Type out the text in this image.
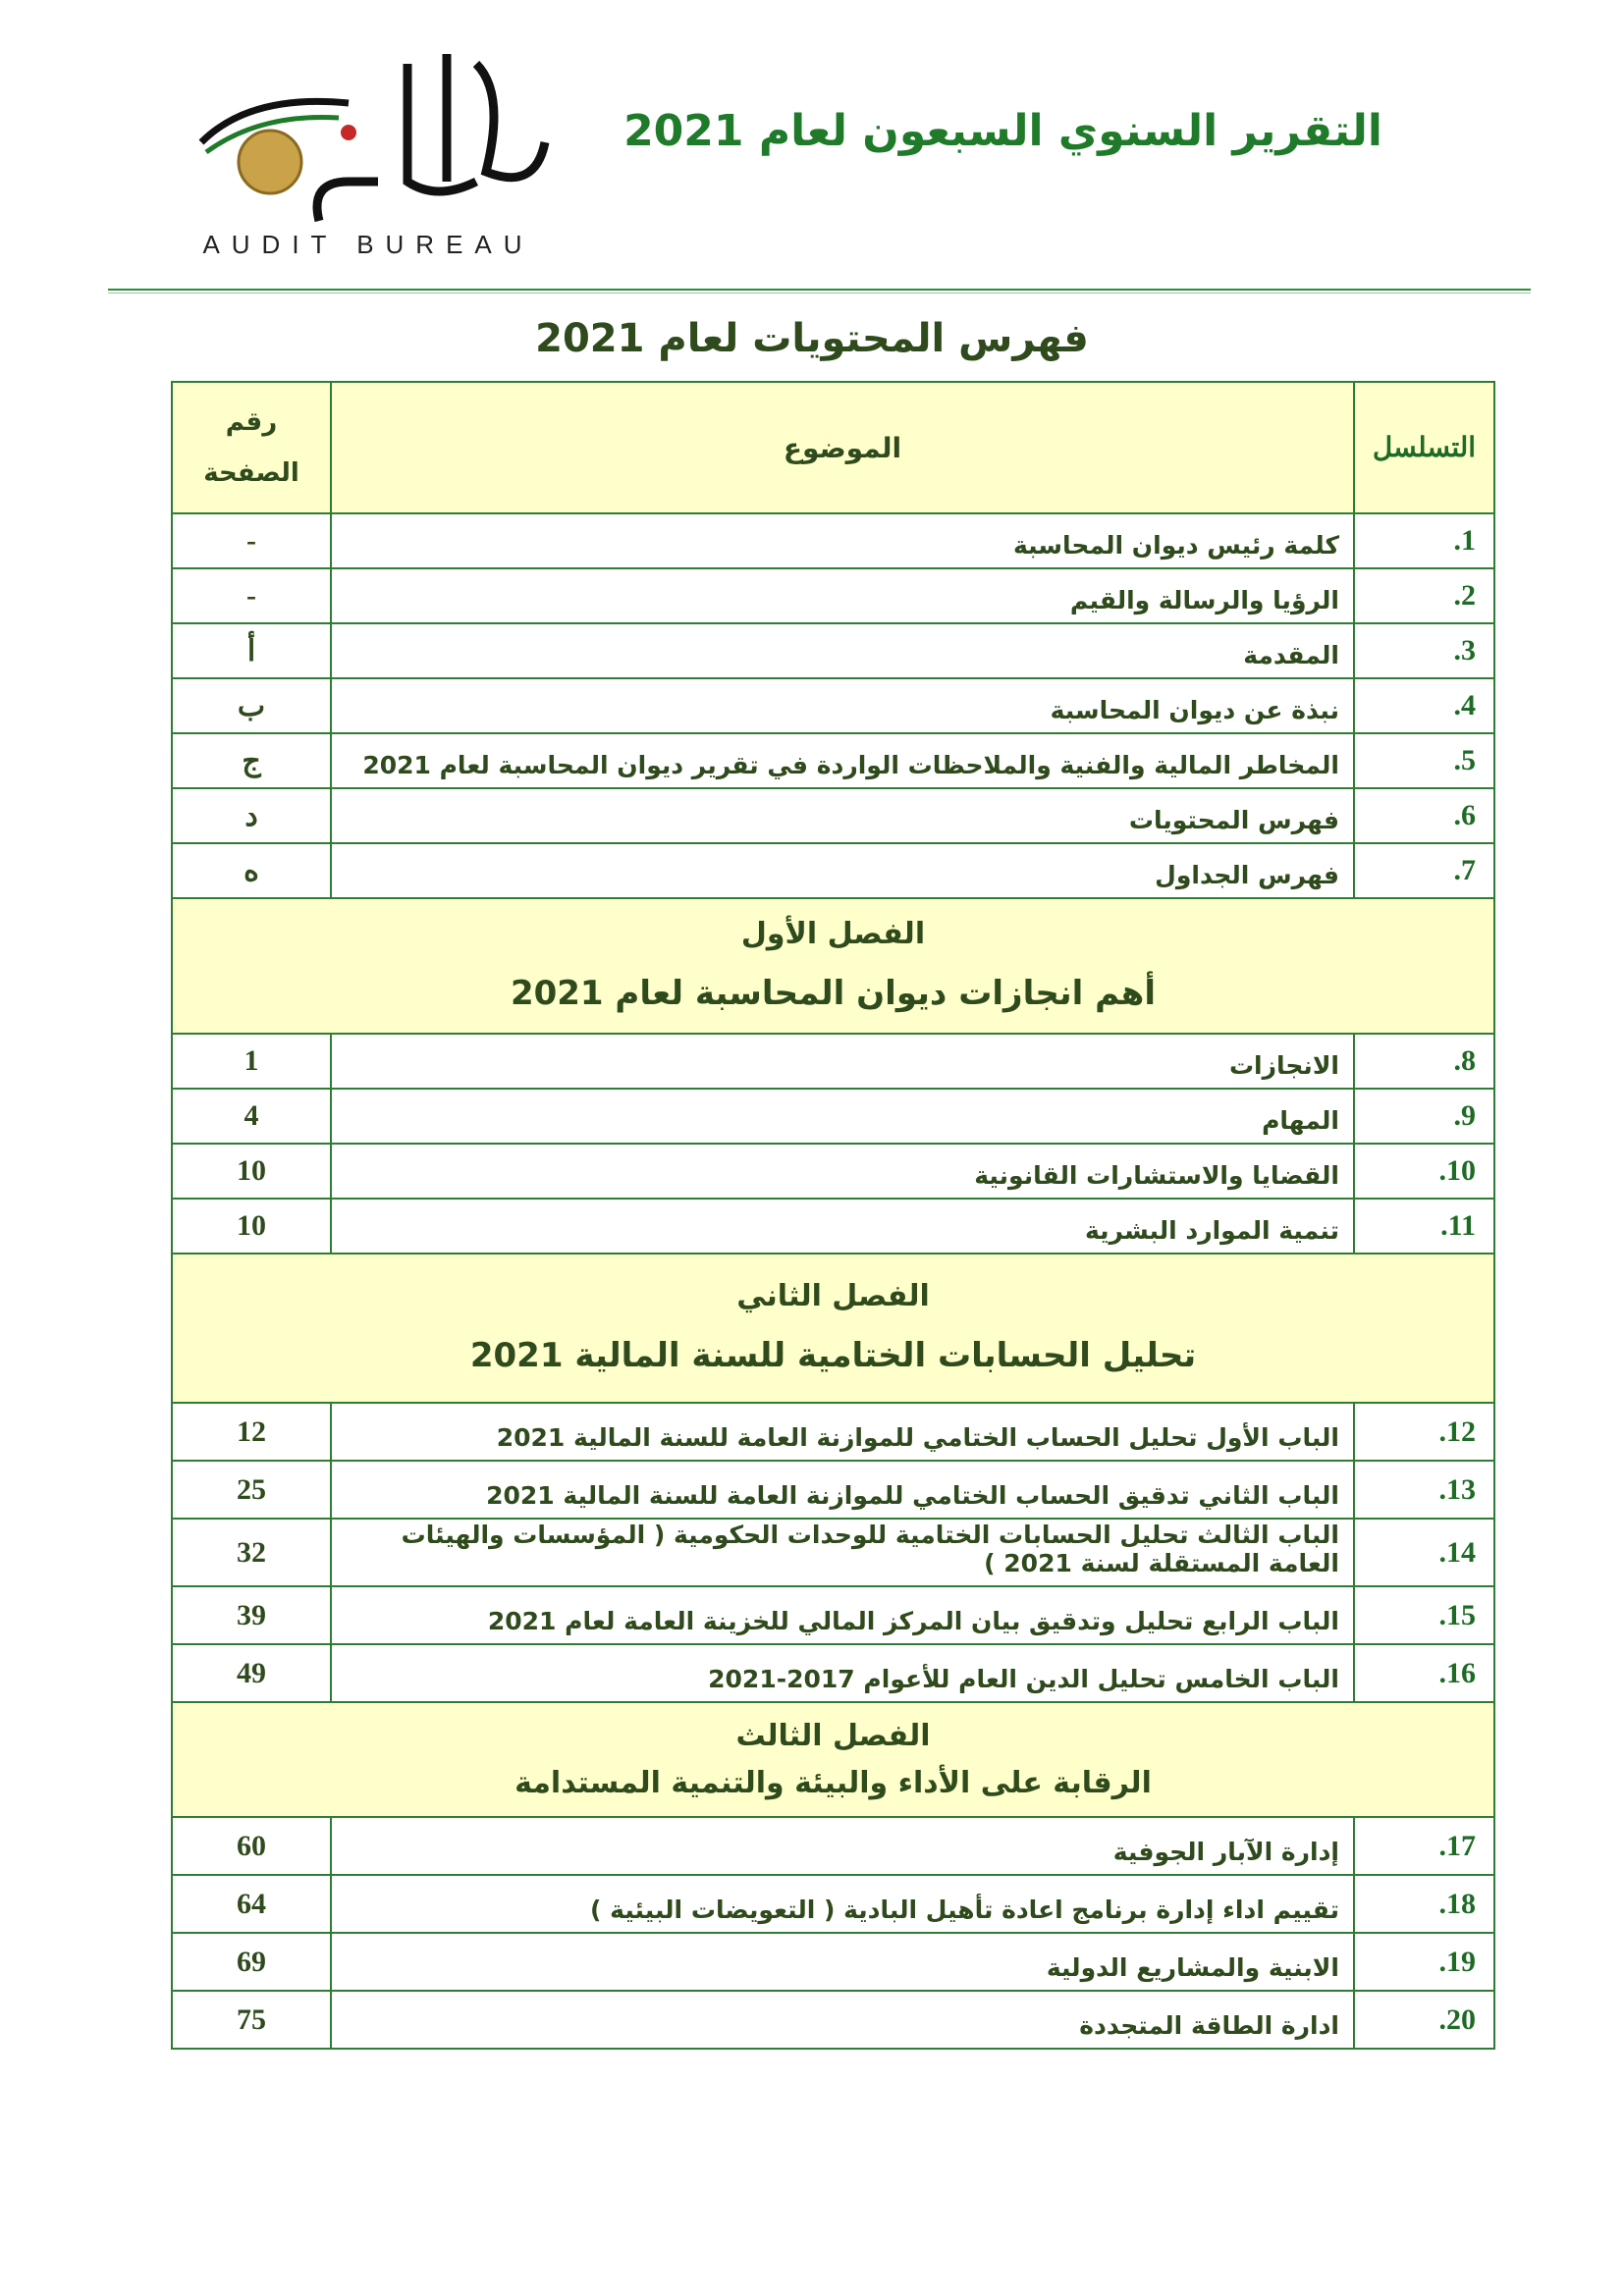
التقرير السنوي السبعون لعام 2021
AUDIT BUREAU
فهرس المحتويات لعام 2021
التسلسل	الموضوع	رقم
الصفحة
1.	كلمة رئيس ديوان المحاسبة	-
2.	الرؤيا والرسالة والقيم	-
3.	المقدمة	أ
4.	نبذة عن ديوان المحاسبة	ب
5.	المخاطر المالية والفنية والملاحظات الواردة في تقرير ديوان المحاسبة لعام 2021	ج
6.	فهرس المحتويات	د
7.	فهرس الجداول	ه

الفصل الأول
أهم انجازات ديوان المحاسبة لعام 2021		

8.	الانجازات	1
9.	المهام	4
10.	القضايا والاستشارات القانونية	10
11.	تنمية الموارد البشرية	10

الفصل الثاني
تحليل الحسابات الختامية للسنة المالية 2021		

12.	الباب الأول تحليل الحساب الختامي للموازنة العامة للسنة المالية 2021	12
13.	الباب الثاني تدقيق الحساب الختامي للموازنة العامة للسنة المالية 2021	25
14.	الباب الثالث تحليل الحسابات الختامية للوحدات الحكومية ( المؤسسات والهيئات العامة المستقلة لسنة 2021 )	32
15.	الباب الرابع تحليل وتدقيق بيان المركز المالي للخزينة العامة لعام 2021	39
16.	الباب الخامس تحليل الدين العام للأعوام 2017-2021	49

الفصل الثالث
الرقابة على الأداء والبيئة والتنمية المستدامة		

17.	إدارة الآبار الجوفية	60
18.	تقييم اداء إدارة برنامج اعادة تأهيل البادية ( التعويضات البيئية )	64
19.	الابنية والمشاريع الدولية	69
20.	ادارة الطاقة المتجددة	75
